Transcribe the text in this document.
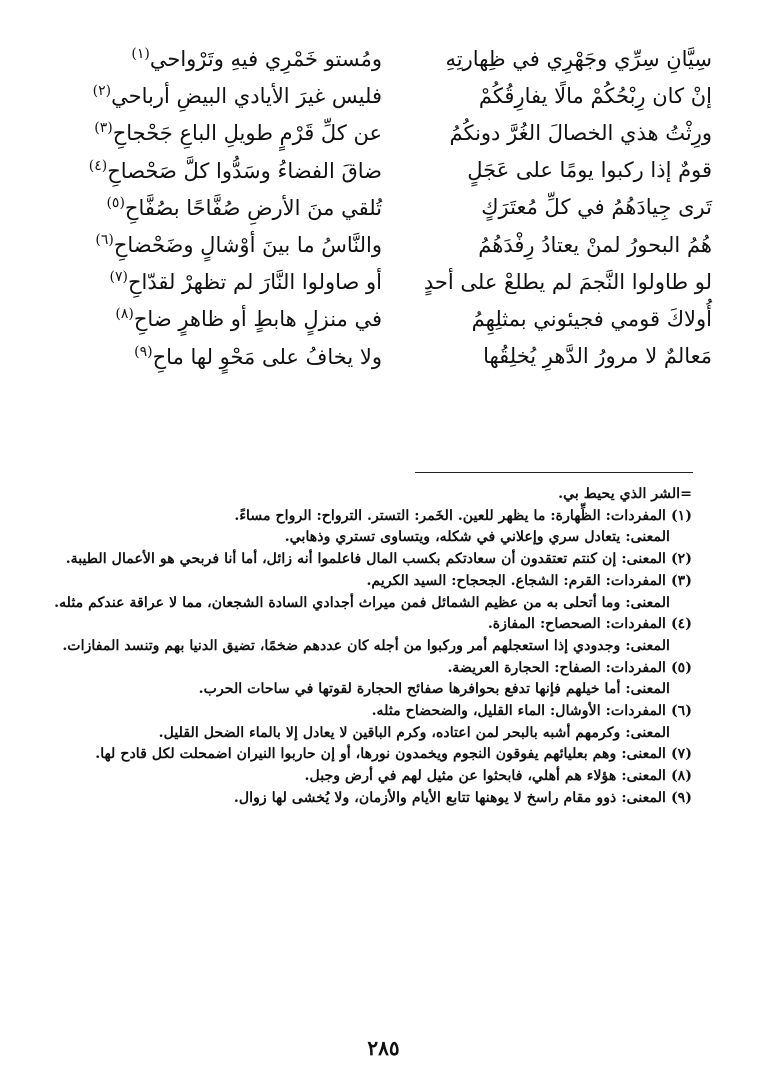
سِيَّانِ سِرِّي وجَهْرِي في ظِهارتِهِ
ومُستو خَمْرِي فيهِ وتَرْواحي$^{(١)}$
إنْ كان رِبْحُكُمْ مالًا يفارِقُكُمْ
فليس غيرَ الأيادي البيضِ أرباحي$^{(٢)}$
ورِثْتُ هذي الخصالَ الغُرَّ دونكُمُ
عن كلِّ قَرْمٍ طويلِ الباعِ جَحْجاحِ$^{(٣)}$
قومٌ إذا ركبوا يومًا على عَجَلٍ
ضاقَ الفضاءُ وسَدُّوا كلَّ صَحْصاحِ$^{(٤)}$
تَرى جِيادَهُمُ في كلِّ مُعتَرَكٍ
تُلقي منَ الأرضِ صُفَّاحًا بصُفَّاحِ$^{(٥)}$
هُمُ البحورُ لمنْ يعتادُ رِفْدَهُمُ
والنَّاسُ ما بينَ أوْشالٍ وضَحْضاحِ$^{(٦)}$
لو طاولوا النَّجمَ لم يطلعْ على أحدٍ
أو صاولوا النَّارَ لم تظهرْ لقدّاحِ$^{(٧)}$
أُولاكَ قومي فجيئوني بمثلِهِمُ
في منزلٍ هابطٍ أو ظاهرٍ ضاحِ$^{(٨)}$
مَعالمٌ لا مرورُ الدَّهرِ يُخلِقُها
ولا يخافُ على مَحْوٍ لها ماحِ$^{(٩)}$
=الشر الذي يحيط بي.
(١) المفردات: الظِّهارة: ما يظهر للعين. الخَمر: التستر. الترواح: الرواح مساءً.
المعنى: يتعادل سري وإعلاني في شكله، ويتساوى تستري وذهابي.
(٢) المعنى: إن كنتم تعتقدون أن سعادتكم بكسب المال فاعلموا أنه زائل، أما أنا فربحي هو الأعمال الطيبة.
(٣) المفردات: القرم: الشجاع. الجحجاح: السيد الكريم.
المعنى: وما أتحلى به من عظيم الشمائل فمن ميراث أجدادي السادة الشجعان، مما لا عراقة عندكم مثله.
(٤) المفردات: الصحصاح: المفازة.
المعنى: وجدودي إذا استعجلهم أمر وركبوا من أجله كان عددهم ضخمًا، تضيق الدنيا بهم وتنسد المفازات.
(٥) المفردات: الصفاح: الحجارة العريضة.
المعنى: أما خيلهم فإنها تدفع بحوافرها صفائح الحجارة لقوتها في ساحات الحرب.
(٦) المفردات: الأوشال: الماء القليل، والضحضاح مثله.
المعنى: وكرمهم أشبه بالبحر لمن اعتاده، وكرم الباقين لا يعادل إلا بالماء الضحل القليل.
(٧) المعنى: وهم بعليائهم يفوقون النجوم ويخمدون نورها، أو إن حاربوا النيران اضمحلت لكل قادح لها.
(٨) المعنى: هؤلاء هم أهلي، فابحثوا عن مثيل لهم في أرض وجبل.
(٩) المعنى: ذوو مقام راسخ لا يوهنها تتابع الأيام والأزمان، ولا يُخشى لها زوال.
٢٨٥
